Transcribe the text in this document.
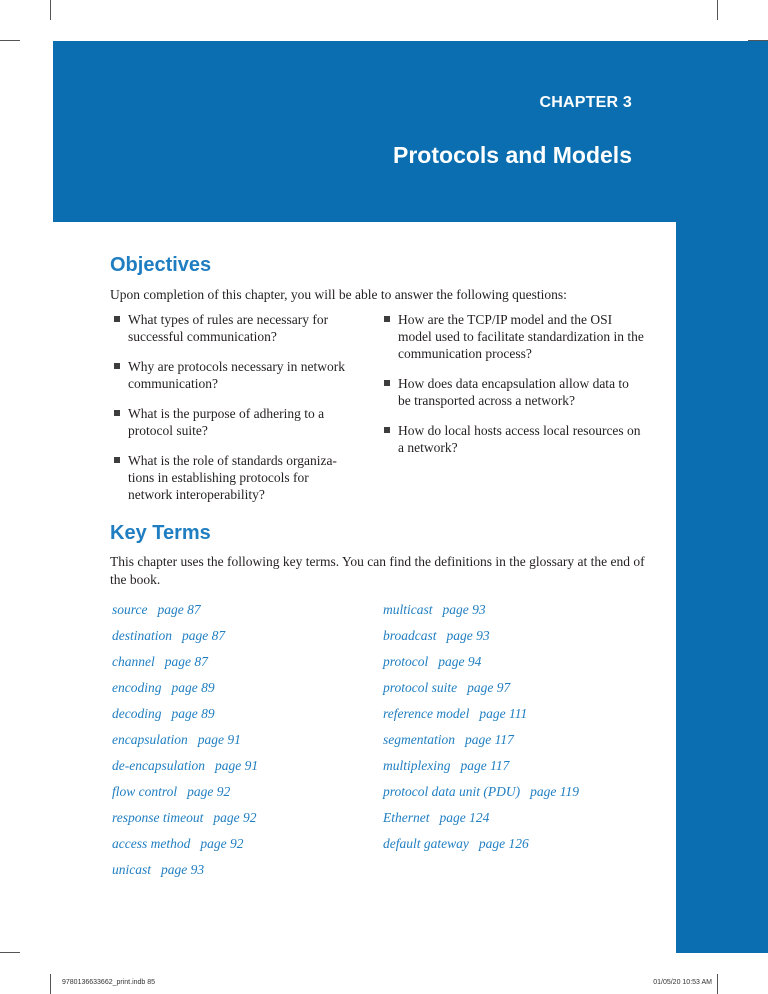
CHAPTER 3
Protocols and Models
Objectives
Upon completion of this chapter, you will be able to answer the following questions:
What types of rules are necessary for successful communication?
Why are protocols necessary in network communication?
What is the purpose of adhering to a protocol suite?
What is the role of standards organiza-tions in establishing protocols for network interoperability?
How are the TCP/IP model and the OSI model used to facilitate standardization in the communication process?
How does data encapsulation allow data to be transported across a network?
How do local hosts access local resources on a network?
Key Terms
This chapter uses the following key terms. You can find the definitions in the glossary at the end of the book.
source page 87
destination page 87
channel page 87
encoding page 89
decoding page 89
encapsulation page 91
de-encapsulation page 91
flow control page 92
response timeout page 92
access method page 92
unicast page 93
multicast page 93
broadcast page 93
protocol page 94
protocol suite page 97
reference model page 111
segmentation page 117
multiplexing page 117
protocol data unit (PDU) page 119
Ethernet page 124
default gateway page 126
9780136633662_print.indb 85	01/05/20 10:53 AM
